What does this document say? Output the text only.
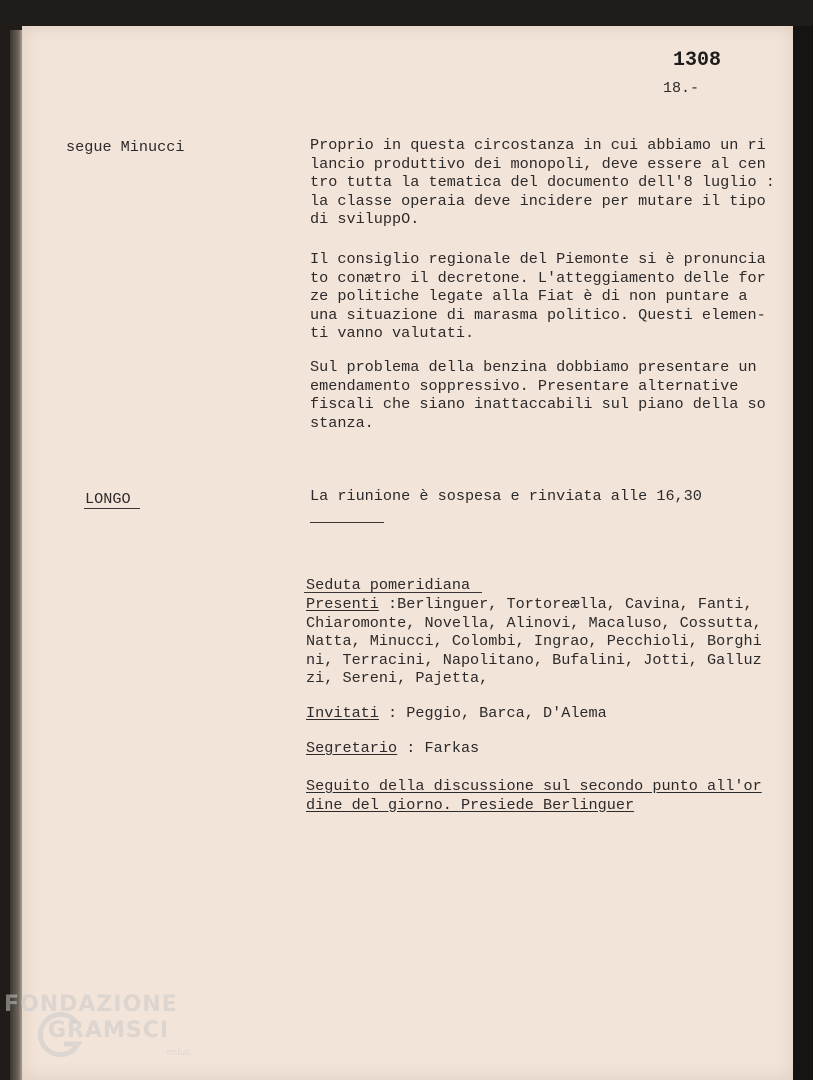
1308
18.-
segue Minucci	Proprio in questa circostanza in cui abbiamo un ri
lancio produttivo dei monopoli, deve essere al cen
tro tutta la tematica del documento dell'8 luglio :
la classe operaia deve incidere per mutare il tipo
di sviluppO.
Il consiglio regionale del Piemonte si è pronuncia
to conætro il decretone. L'atteggiamento delle for
ze politiche legate alla Fiat è di non puntare a
una situazione di marasma politico. Questi elemen-
ti vanno valutati.
Sul problema della benzina dobbiamo presentare un
emendamento soppressivo. Presentare alternative
fiscali che siano inattaccabili sul piano della so
stanza.
LONGO	La riunione è sospesa e rinviata alle 16,30
Seduta pomeridiana
Presenti :Berlinguer, Tortoreælla, Cavina, Fanti,
Chiaromonte, Novella, Alinovi, Macaluso, Cossutta,
Natta, Minucci, Colombi, Ingrao, Pecchioli, Borghi
ni, Terracini, Napolitano, Bufalini, Jotti, Galluz
zi, Sereni, Pajetta,
Invitati : Peggio, Barca, D'Alema
Segretario : Farkas
Seguito della discussione sul secondo punto all'or
dine del giorno. Presiede Berlinguer
FONDAZIONE
GRAMSCI
onlus
